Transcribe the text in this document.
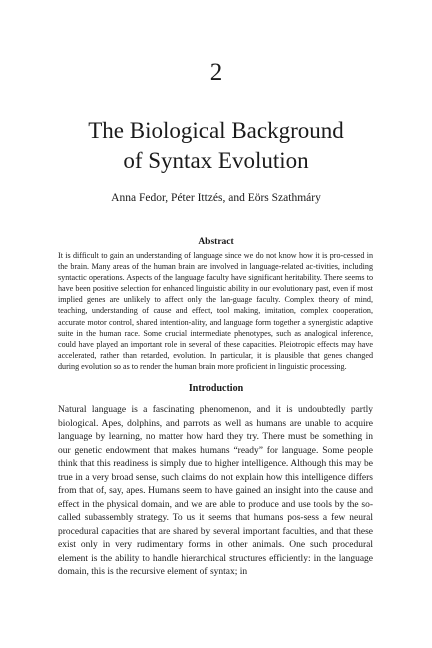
2
The Biological Background
of Syntax Evolution
Anna Fedor, Péter Ittzés, and Eörs Szathmáry
Abstract

It is difficult to gain an understanding of language since we do not know how it is pro-cessed in the brain. Many areas of the human brain are involved in language-related ac-tivities, including syntactic operations. Aspects of the language faculty have significant heritability. There seems to have been positive selection for enhanced linguistic ability in our evolutionary past, even if most implied genes are unlikely to affect only the lan-guage faculty. Complex theory of mind, teaching, understanding of cause and effect, tool making, imitation, complex cooperation, accurate motor control, shared intention-ality, and language form together a synergistic adaptive suite in the human race. Some crucial intermediate phenotypes, such as analogical inference, could have played an important role in several of these capacities. Pleiotropic effects may have accelerated, rather than retarded, evolution. In particular, it is plausible that genes changed during evolution so as to render the human brain more proficient in linguistic processing.

Introduction

Natural language is a fascinating phenomenon, and it is undoubtedly partly biological. Apes, dolphins, and parrots as well as humans are unable to acquire language by learning, no matter how hard they try. There must be something in our genetic endowment that makes humans “ready” for language. Some people think that this readiness is simply due to higher intelligence. Although this may be true in a very broad sense, such claims do not explain how this intelligence differs from that of, say, apes. Humans seem to have gained an insight into the cause and effect in the physical domain, and we are able to produce and use tools by the so-called subassembly strategy. To us it seems that humans pos-sess a few neural procedural capacities that are shared by several important faculties, and that these exist only in very rudimentary forms in other animals. One such procedural element is the ability to handle hierarchical structures efficiently: in the language domain, this is the recursive element of syntax; in
